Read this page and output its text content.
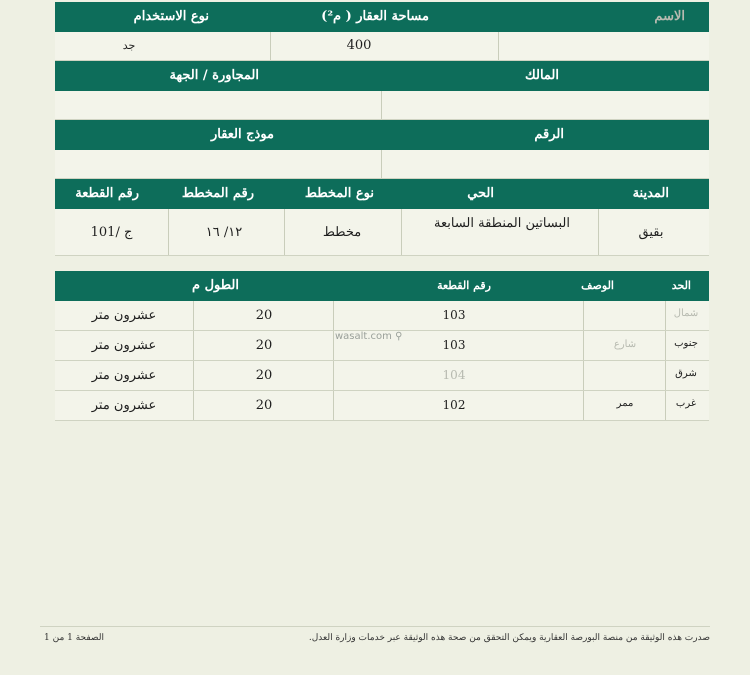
الاسم
مساحة العقار ( م²)
نوع الاستخدام
400
جد
المالك
المجاورة / الجهة
الرقم
موذج العقار
المدينة
الحي
نوع المخطط
رقم المخطط
رقم القطعة
بقيق
البساتين المنطقة السابعة
مخطط
١٢/ ١٦
ج /101
الحد
الوصف
رقم القطعة
الطول م
شمال
103
20
عشرون متر
جنوب
شارع
103
20
عشرون متر
شرق
104
20
عشرون متر
غرب
ممر
102
20
عشرون متر
wasalt.com ⚲
صدرت هذه الوثيقة من منصة البورصة العقارية ويمكن التحقق من صحة هذه الوثيقة عبر خدمات وزارة العدل.
الصفحة 1 من 1
